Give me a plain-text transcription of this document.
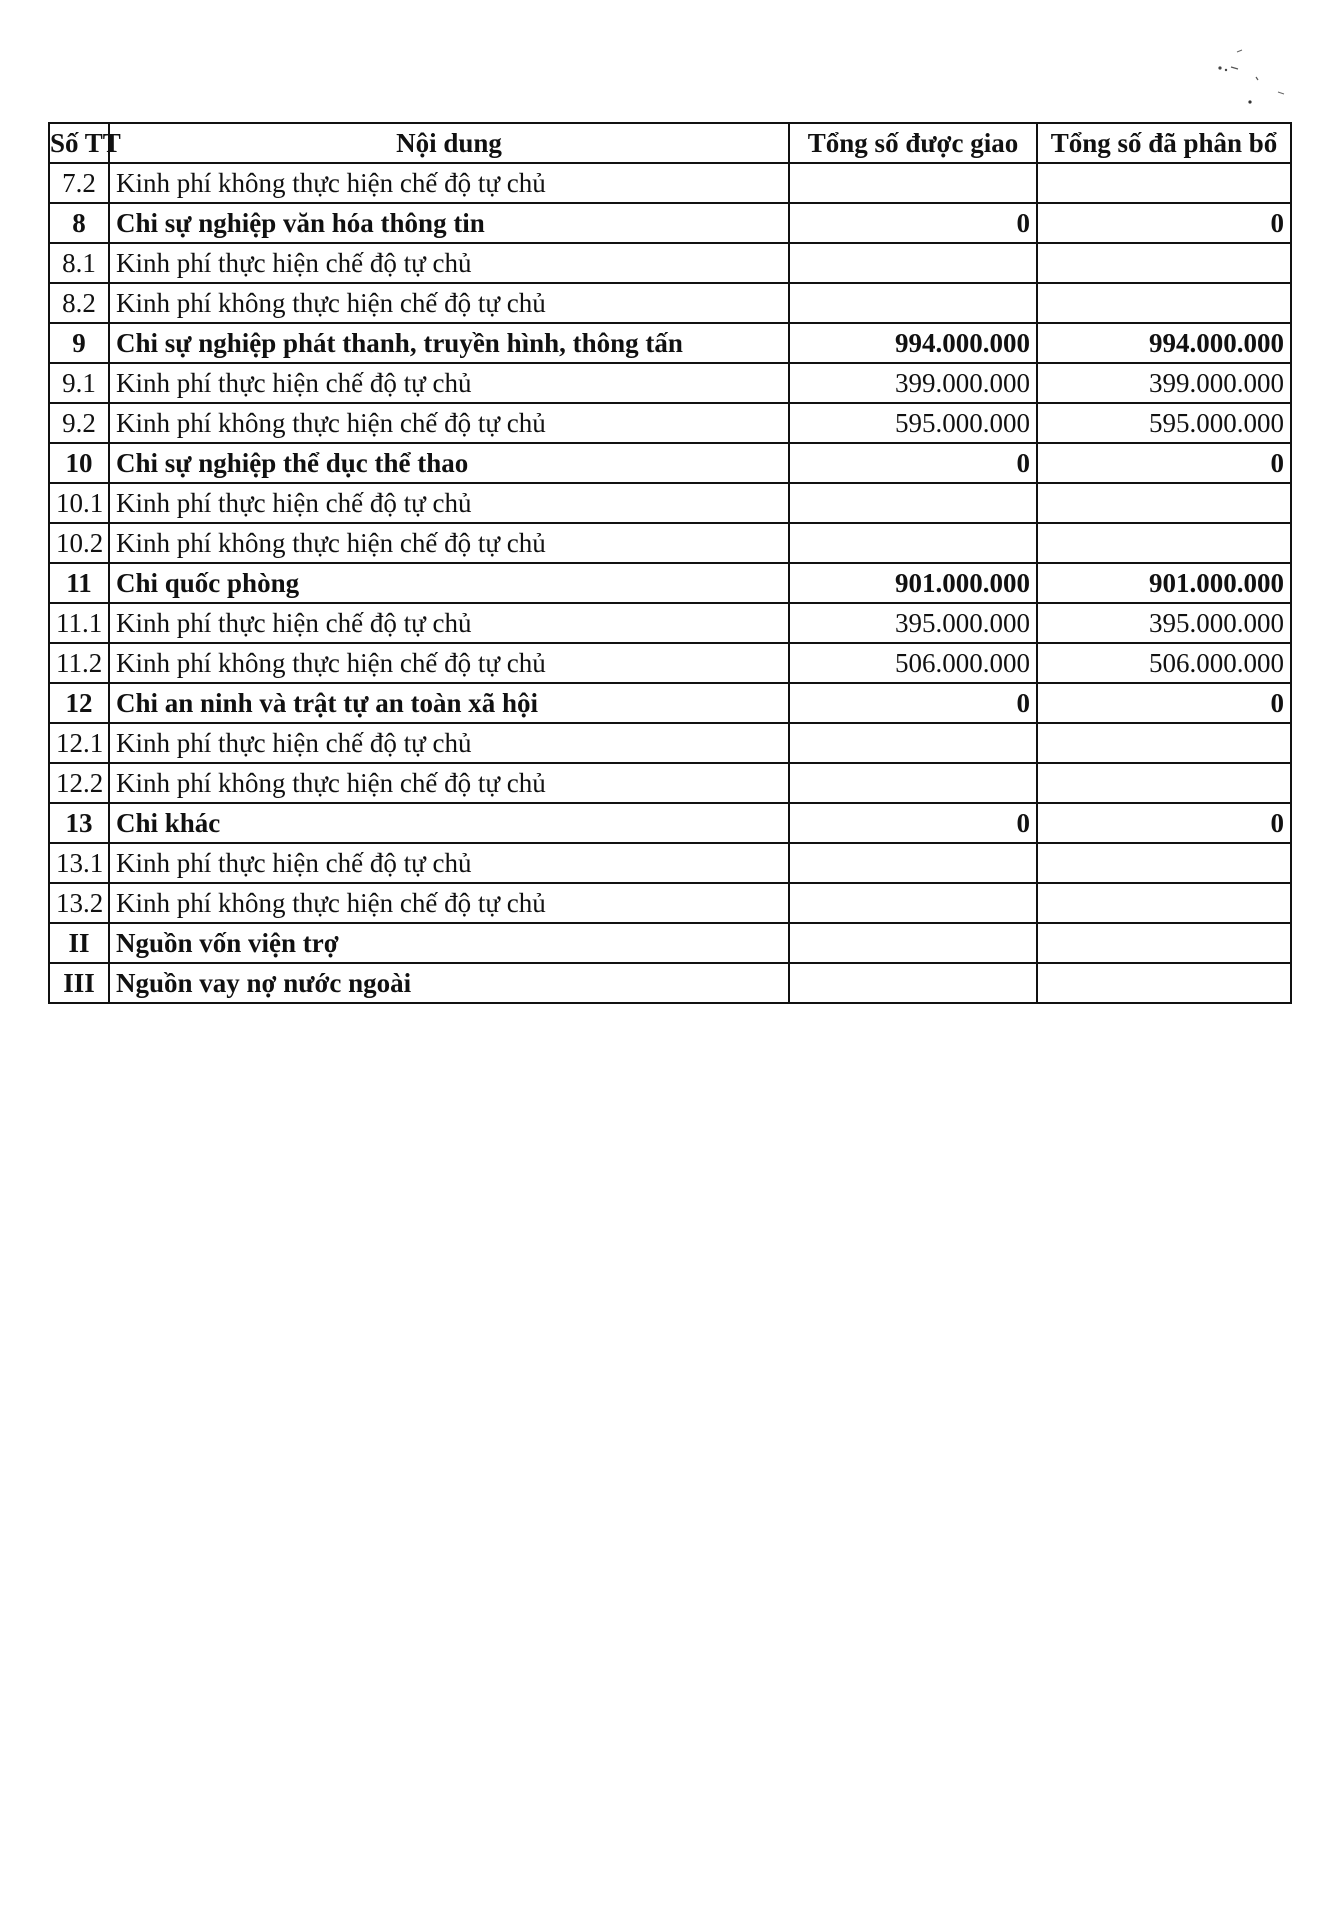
Số TT	Nội dung	Tổng số được giao	Tổng số đã phân bổ
7.2	Kinh phí không thực hiện chế độ tự chủ		
8	Chi sự nghiệp văn hóa thông tin	0	0
8.1	Kinh phí thực hiện chế độ tự chủ		
8.2	Kinh phí không thực hiện chế độ tự chủ		
9	Chi sự nghiệp phát thanh, truyền hình, thông tấn	994.000.000	994.000.000
9.1	Kinh phí thực hiện chế độ tự chủ	399.000.000	399.000.000
9.2	Kinh phí không thực hiện chế độ tự chủ	595.000.000	595.000.000
10	Chi sự nghiệp thể dục thể thao	0	0
10.1	Kinh phí thực hiện chế độ tự chủ		
10.2	Kinh phí không thực hiện chế độ tự chủ		
11	Chi quốc phòng	901.000.000	901.000.000
11.1	Kinh phí thực hiện chế độ tự chủ	395.000.000	395.000.000
11.2	Kinh phí không thực hiện chế độ tự chủ	506.000.000	506.000.000
12	Chi an ninh và trật tự an toàn xã hội	0	0
12.1	Kinh phí thực hiện chế độ tự chủ		
12.2	Kinh phí không thực hiện chế độ tự chủ		
13	Chi khác	0	0
13.1	Kinh phí thực hiện chế độ tự chủ		
13.2	Kinh phí không thực hiện chế độ tự chủ		
II	Nguồn vốn viện trợ		
III	Nguồn vay nợ nước ngoài		
